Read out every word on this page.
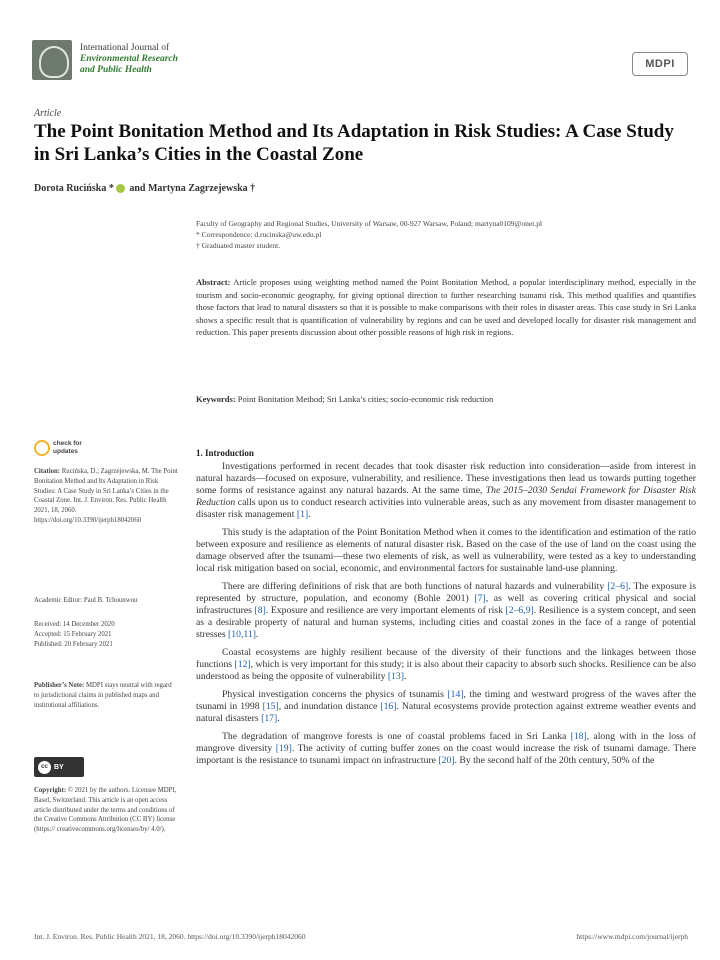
International Journal of
Environmental Research
and Public Health	MDPI
Article
The Point Bonitation Method and Its Adaptation in Risk Studies: A Case Study in Sri Lanka’s Cities in the Coastal Zone
Dorota Rucińska * and Martyna Zagrzejewska †
Faculty of Geography and Regional Studies, University of Warsaw, 00-927 Warsaw, Poland; martyna0109@onet.pl
* Correspondence: d.rucinska@uw.edu.pl
† Graduated master student.
Abstract: Article proposes using weighting method named the Point Bonitation Method, a popular interdisciplinary method, especially in the tourism and socio-economic geography, for giving optional direction to further researching tsunami risk. This method qualifies and quantifies those factors that lead to natural disasters so that it is possible to make comparisons with their roles in disaster areas. This case study in Sri Lanka shows a specific result that is quantification of vulnerability by regions and can be used and developed locally for disaster risk management and reduction. This paper presents discussion about other possible reasons of high risk in regions.
Keywords: Point Bonitation Method; Sri Lanka’s cities; socio-economic risk reduction
check for
updates
Citation: Rucińska, D.; Zagrzejewska, M. The Point Bonitation Method and Its Adaptation in Risk Studies: A Case Study in Sri Lanka’s Cities in the Coastal Zone. Int. J. Environ. Res. Public Health 2021, 18, 2060. https://doi.org/10.3390/ijerph18042060
Academic Editor: Paul B. Tchounwou
Received: 14 December 2020
Accepted: 15 February 2021
Published: 20 February 2021
Publisher’s Note: MDPI stays neutral with regard to jurisdictional claims in published maps and institutional affiliations.
cc BY
Copyright: © 2021 by the authors. Licensee MDPI, Basel, Switzerland. This article is an open access article distributed under the terms and conditions of the Creative Commons Attribution (CC BY) license (https:// creativecommons.org/licenses/by/ 4.0/).
1. Introduction

Investigations performed in recent decades that took disaster risk reduction into consideration—aside from interest in natural hazards—focused on exposure, vulnerability, and resilience. These investigations then lead us towards putting together some forms of resistance against any natural hazards. At the same time, The 2015–2030 Sendai Framework for Disaster Risk Reduction calls upon us to conduct research activities into vulnerable areas, such as any movement from disaster management to disaster risk management [1].

This study is the adaptation of the Point Bonitation Method when it comes to the identification and estimation of the ratio between exposure and resilience as elements of natural disaster risk. Based on the case of the use of land on the coast using the damage observed after the tsunami—these two elements of risk, as well as vulnerability, were tested as a key to understanding local risk mitigation based on social, economic, and environmental factors for sustainable land-use planning.

There are differing definitions of risk that are both functions of natural hazards and vulnerability [2–6]. The exposure is represented by structure, population, and economy (Bohle 2001) [7], as well as covering critical physical and social infrastructures [8]. Exposure and resilience are very important elements of risk [2–6,9]. Resilience is a system concept, and seen as a desirable property of natural and human systems, including cities and coastal zones in the face of a range of potential stresses [10,11].

Coastal ecosystems are highly resilient because of the diversity of their functions and the linkages between those functions [12], which is very important for this study; it is also about their capacity to absorb such shocks. Resilience can be also understood as being the opposite of vulnerability [13].

Physical investigation concerns the physics of tsunamis [14], the timing and westward progress of the waves after the tsunami in 1998 [15], and inundation distance [16]. Natural ecosystems provide protection against extreme weather events and natural disasters [17].

The degradation of mangrove forests is one of coastal problems faced in Sri Lanka [18], along with in the loss of mangrove diversity [19]. The activity of cutting buffer zones on the coast would increase the risk of tsunami damage. There important is the resistance to tsunami impact on infrastructure [20]. By the second half of the 20th century, 50% of the

Int. J. Environ. Res. Public Health 2021, 18, 2060. https://doi.org/10.3390/ijerph18042060	https://www.mdpi.com/journal/ijerph
